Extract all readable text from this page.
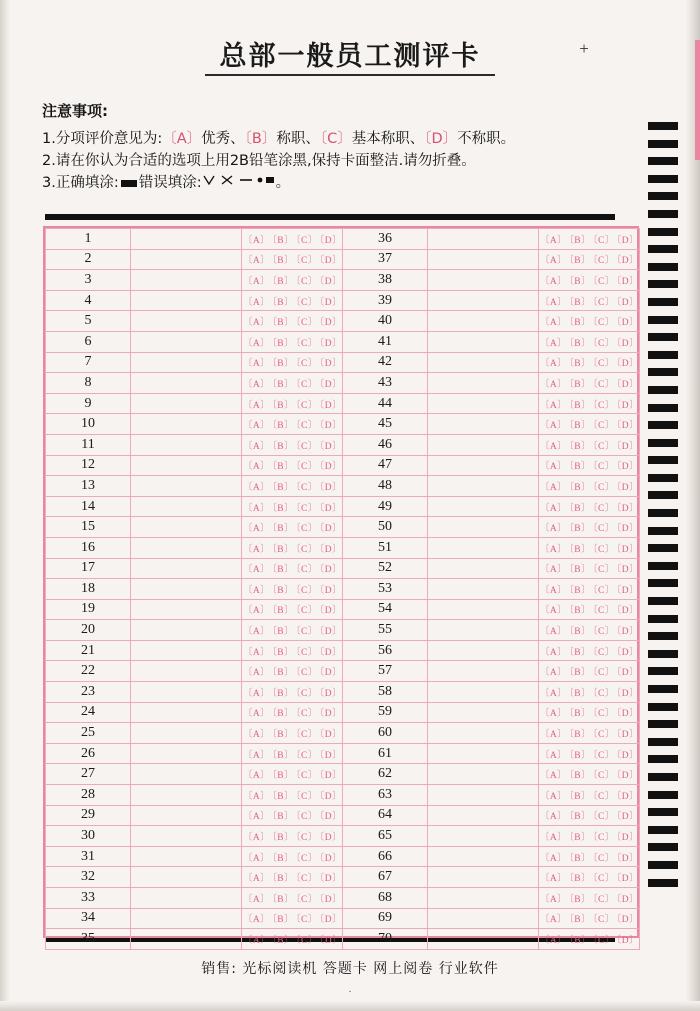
总部一般员工测评卡	+
注意事项:
1.分项评价意见为:〔A〕优秀、〔B〕称职、〔C〕基本称职、〔D〕不称职。
2.请在你认为合适的选项上用2B铅笔涂黑,保持卡面整洁.请勿折叠。
3.正确填涂: 错误填涂:	。
1		〔A〕 〔B〕 〔C〕 〔D〕	36		〔A〕 〔B〕 〔C〕 〔D〕
2		〔A〕 〔B〕 〔C〕 〔D〕	37		〔A〕 〔B〕 〔C〕 〔D〕
3		〔A〕 〔B〕 〔C〕 〔D〕	38		〔A〕 〔B〕 〔C〕 〔D〕
4		〔A〕 〔B〕 〔C〕 〔D〕	39		〔A〕 〔B〕 〔C〕 〔D〕
5		〔A〕 〔B〕 〔C〕 〔D〕	40		〔A〕 〔B〕 〔C〕 〔D〕
6		〔A〕 〔B〕 〔C〕 〔D〕	41		〔A〕 〔B〕 〔C〕 〔D〕
7		〔A〕 〔B〕 〔C〕 〔D〕	42		〔A〕 〔B〕 〔C〕 〔D〕
8		〔A〕 〔B〕 〔C〕 〔D〕	43		〔A〕 〔B〕 〔C〕 〔D〕
9		〔A〕 〔B〕 〔C〕 〔D〕	44		〔A〕 〔B〕 〔C〕 〔D〕
10		〔A〕 〔B〕 〔C〕 〔D〕	45		〔A〕 〔B〕 〔C〕 〔D〕
11		〔A〕 〔B〕 〔C〕 〔D〕	46		〔A〕 〔B〕 〔C〕 〔D〕
12		〔A〕 〔B〕 〔C〕 〔D〕	47		〔A〕 〔B〕 〔C〕 〔D〕
13		〔A〕 〔B〕 〔C〕 〔D〕	48		〔A〕 〔B〕 〔C〕 〔D〕
14		〔A〕 〔B〕 〔C〕 〔D〕	49		〔A〕 〔B〕 〔C〕 〔D〕
15		〔A〕 〔B〕 〔C〕 〔D〕	50		〔A〕 〔B〕 〔C〕 〔D〕
16		〔A〕 〔B〕 〔C〕 〔D〕	51		〔A〕 〔B〕 〔C〕 〔D〕
17		〔A〕 〔B〕 〔C〕 〔D〕	52		〔A〕 〔B〕 〔C〕 〔D〕
18		〔A〕 〔B〕 〔C〕 〔D〕	53		〔A〕 〔B〕 〔C〕 〔D〕
19		〔A〕 〔B〕 〔C〕 〔D〕	54		〔A〕 〔B〕 〔C〕 〔D〕
20		〔A〕 〔B〕 〔C〕 〔D〕	55		〔A〕 〔B〕 〔C〕 〔D〕
21		〔A〕 〔B〕 〔C〕 〔D〕	56		〔A〕 〔B〕 〔C〕 〔D〕
22		〔A〕 〔B〕 〔C〕 〔D〕	57		〔A〕 〔B〕 〔C〕 〔D〕
23		〔A〕 〔B〕 〔C〕 〔D〕	58		〔A〕 〔B〕 〔C〕 〔D〕
24		〔A〕 〔B〕 〔C〕 〔D〕	59		〔A〕 〔B〕 〔C〕 〔D〕
25		〔A〕 〔B〕 〔C〕 〔D〕	60		〔A〕 〔B〕 〔C〕 〔D〕
26		〔A〕 〔B〕 〔C〕 〔D〕	61		〔A〕 〔B〕 〔C〕 〔D〕
27		〔A〕 〔B〕 〔C〕 〔D〕	62		〔A〕 〔B〕 〔C〕 〔D〕
28		〔A〕 〔B〕 〔C〕 〔D〕	63		〔A〕 〔B〕 〔C〕 〔D〕
29		〔A〕 〔B〕 〔C〕 〔D〕	64		〔A〕 〔B〕 〔C〕 〔D〕
30		〔A〕 〔B〕 〔C〕 〔D〕	65		〔A〕 〔B〕 〔C〕 〔D〕
31		〔A〕 〔B〕 〔C〕 〔D〕	66		〔A〕 〔B〕 〔C〕 〔D〕
32		〔A〕 〔B〕 〔C〕 〔D〕	67		〔A〕 〔B〕 〔C〕 〔D〕
33		〔A〕 〔B〕 〔C〕 〔D〕	68		〔A〕 〔B〕 〔C〕 〔D〕
34		〔A〕 〔B〕 〔C〕 〔D〕	69		〔A〕 〔B〕 〔C〕 〔D〕
35		〔A〕 〔B〕 〔C〕 〔D〕	70		〔A〕 〔B〕 〔C〕 〔D〕
销售: 光标阅读机 答题卡 网上阅卷 行业软件
.
